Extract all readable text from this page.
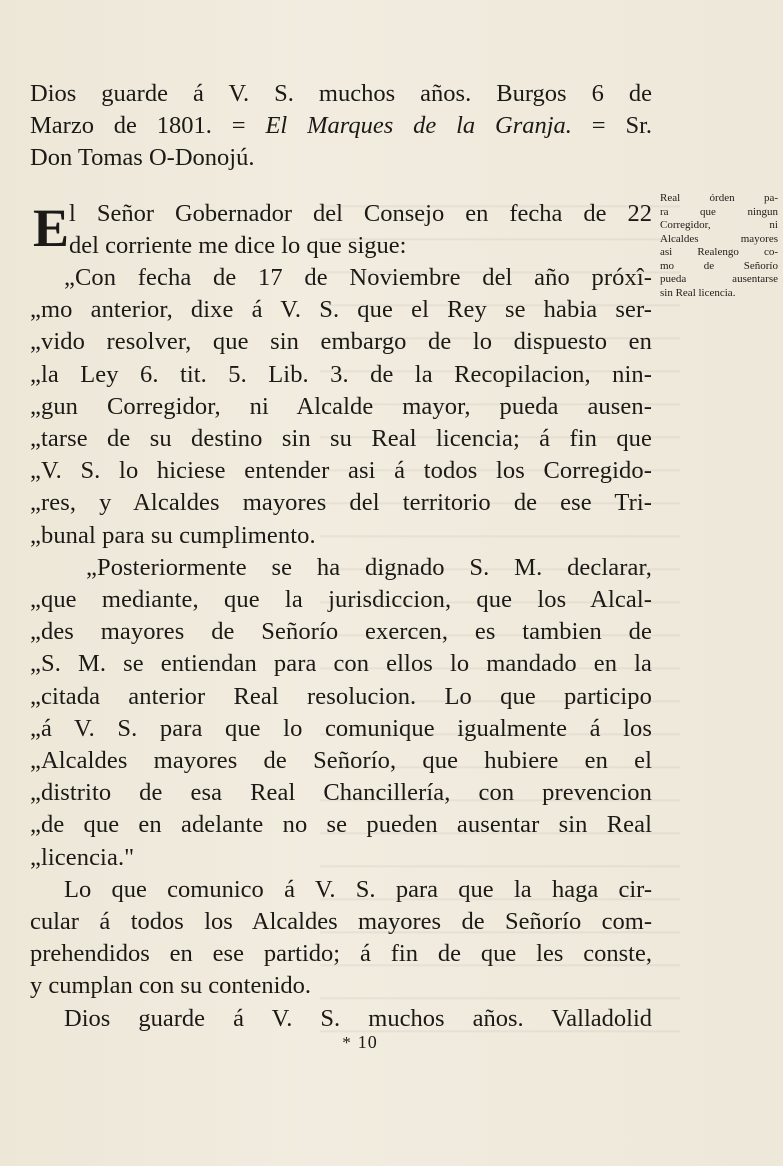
Dios guarde á V. S. muchos años. Burgos 6 de
Marzo de 1801. = El Marques de la Granja. = Sr.
Don Tomas O-Donojú.
E l Señor Gobernador del Consejo en fecha de 22
del corriente me dice lo que sigue:
„Con fecha de 17 de Noviembre del año próxî-
„mo anterior, dixe á V. S. que el Rey se habia ser-
„vido resolver, que sin embargo de lo dispuesto en
„la Ley 6. tit. 5. Lib. 3. de la Recopilacion, nin-
„gun Corregidor, ni Alcalde mayor, pueda ausen-
„tarse de su destino sin su Real licencia; á fin que
„V. S. lo hiciese entender asi á todos los Corregido-
„res, y Alcaldes mayores del territorio de ese Tri-
„bunal para su cumplimento.
„Posteriormente se ha dignado S. M. declarar,
„que mediante, que la jurisdiccion, que los Alcal-
„des mayores de Señorío exercen, es tambien de
„S. M. se entiendan para con ellos lo mandado en la
„citada anterior Real resolucion. Lo que participo
„á V. S. para que lo comunique igualmente á los
„Alcaldes mayores de Señorío, que hubiere en el
„distrito de esa Real Chancillería, con prevencion
„de que en adelante no se pueden ausentar sin Real
„licencia."
Lo que comunico á V. S. para que la haga cir-
cular á todos los Alcaldes mayores de Señorío com-
prehendidos en ese partido; á fin de que les conste,
y cumplan con su contenido.
Dios guarde á V. S. muchos años. Valladolid
Real órden pa-
ra que ningun
Corregidor, ni
Alcaldes mayores
asi Realengo co-
mo de Señorío
pueda ausentarse
sin Real licencia.
* 10
